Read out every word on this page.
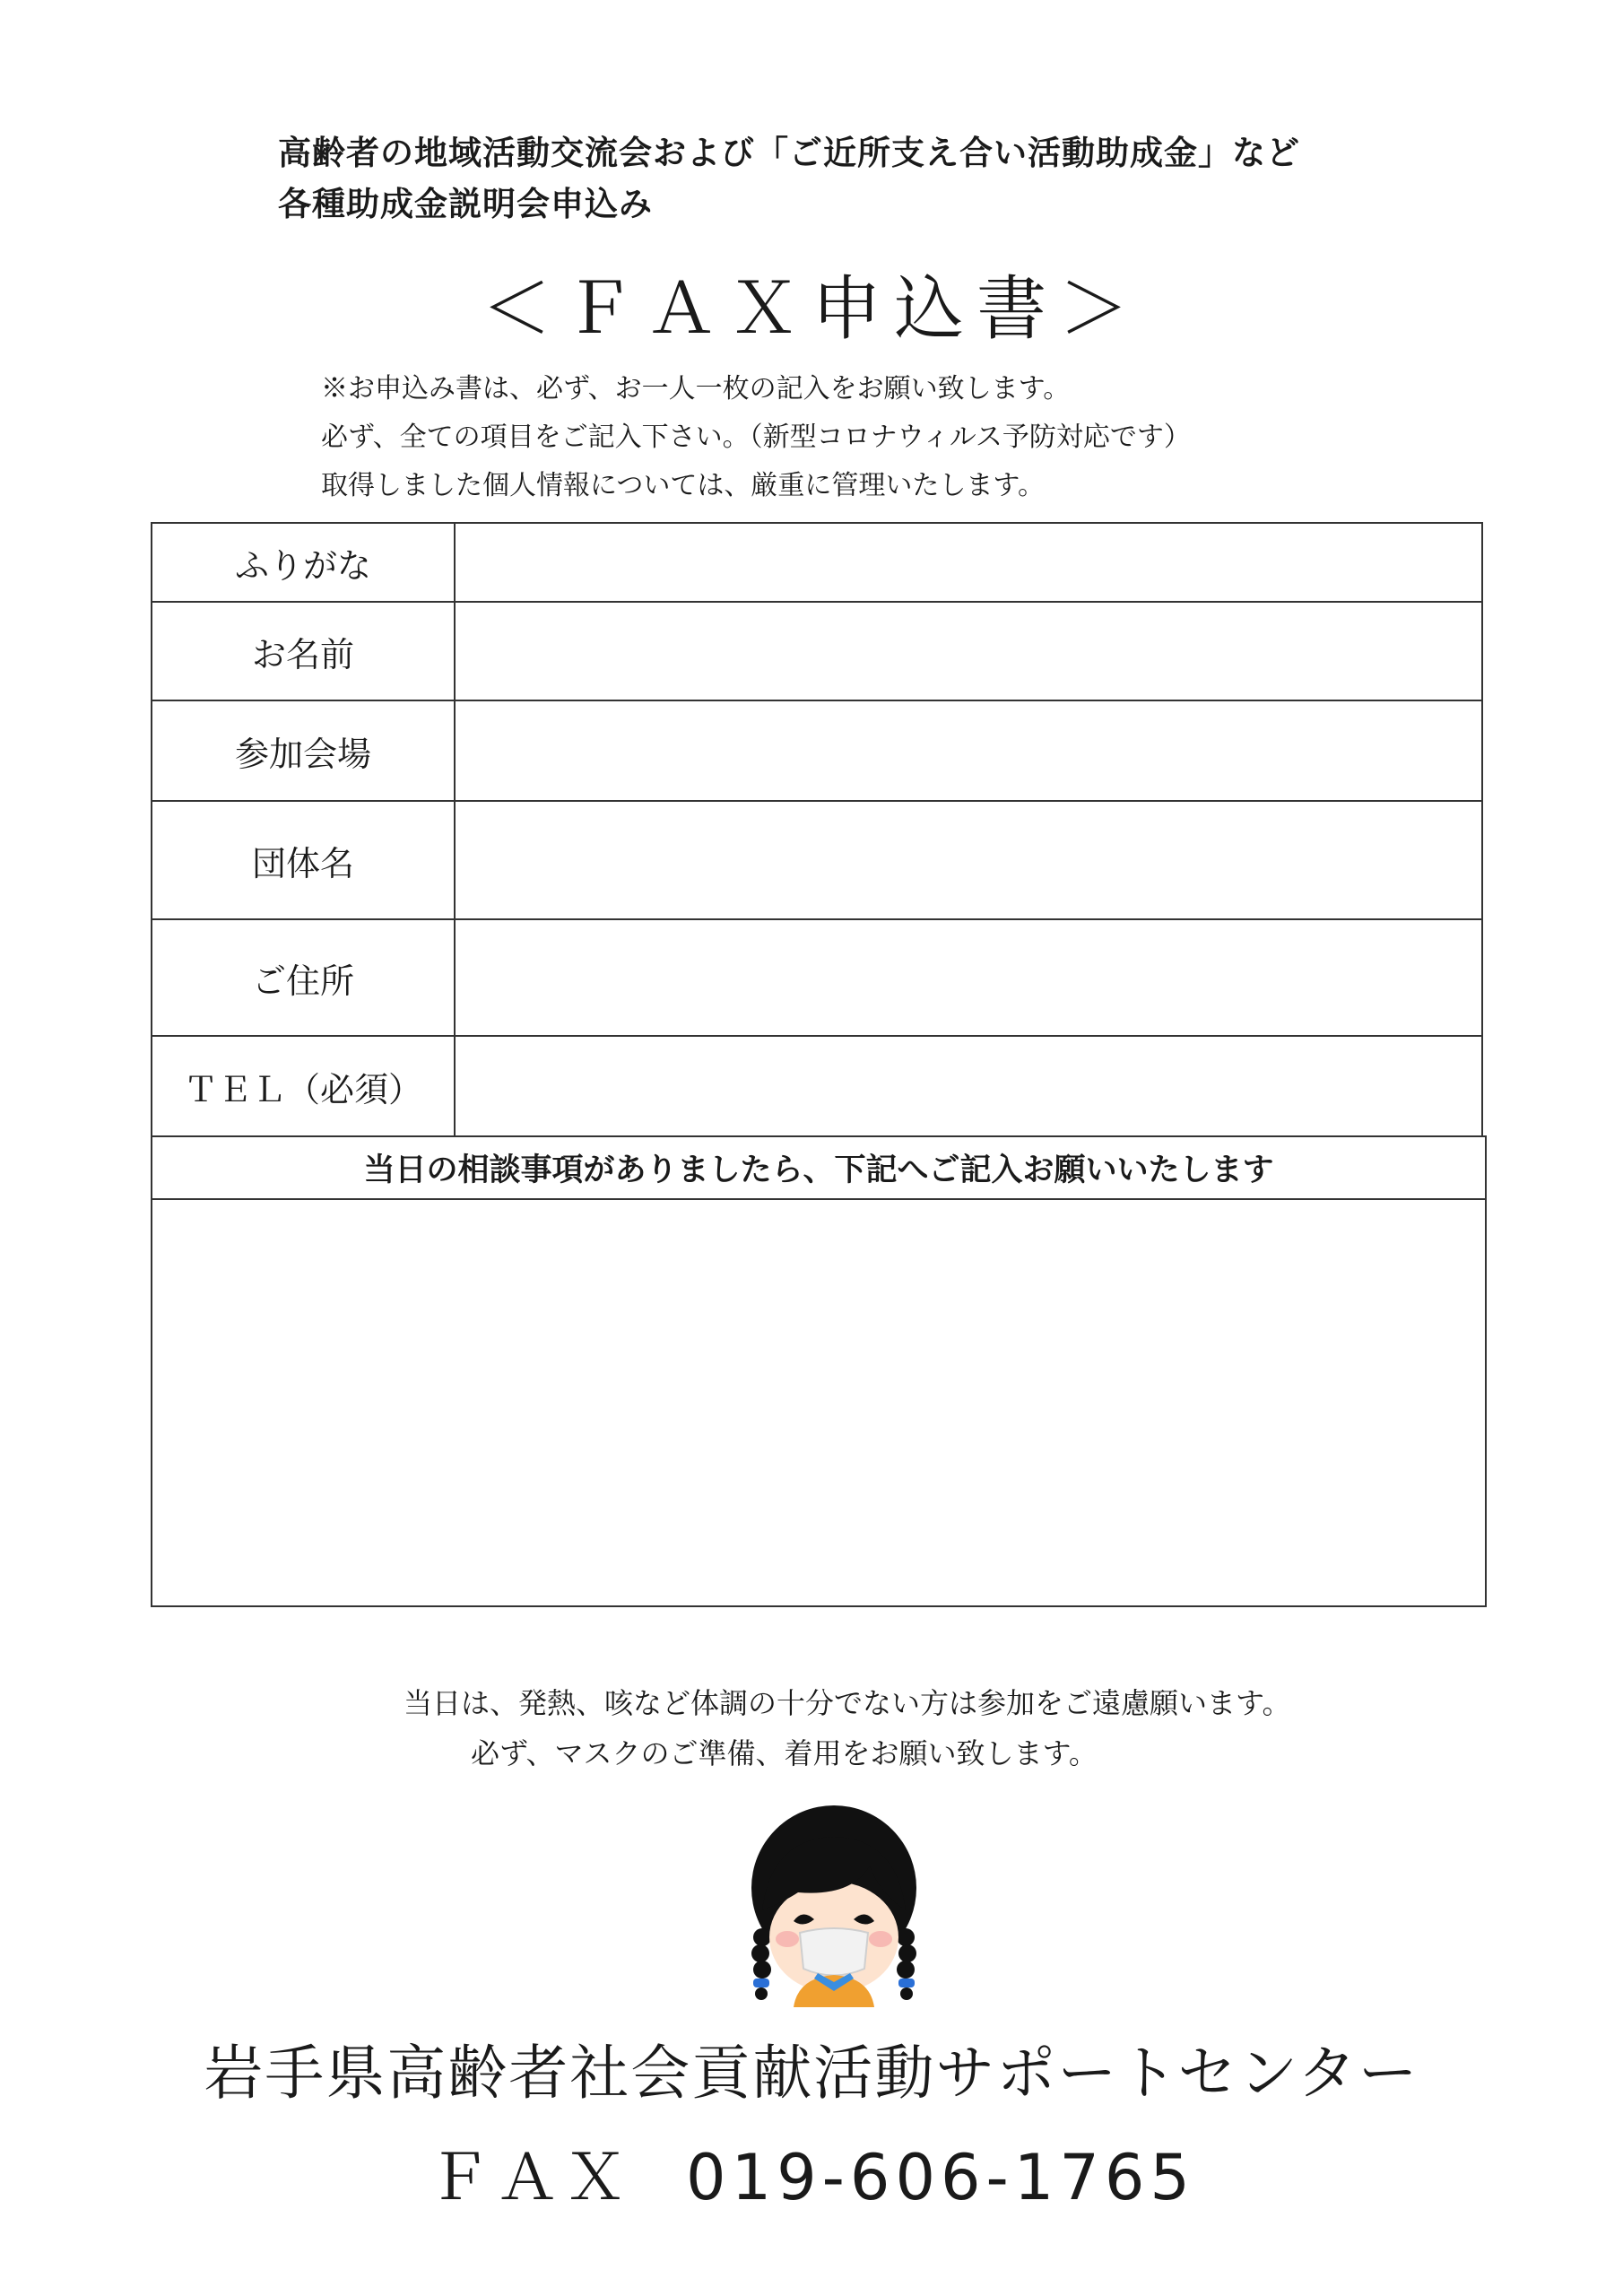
高齢者の地域活動交流会および「ご近所支え合い活動助成金」など
各種助成金説明会申込み
＜ＦＡＸ申込書＞
※お申込み書は、必ず、お一人一枚の記入をお願い致します。
必ず、全ての項目をご記入下さい。（新型コロナウィルス予防対応です）
取得しました個人情報については、厳重に管理いたします。
ふりがな
お名前
参加会場
団体名
ご住所
ＴＥＬ（必須）
当日の相談事項がありましたら、下記へご記入お願いいたします
当日は、発熱、咳など体調の十分でない方は参加をご遠慮願います。
必ず、マスクのご準備、着用をお願い致します。
岩手県高齢者社会貢献活動サポートセンター
ＦＡＸ 019-606-1765
